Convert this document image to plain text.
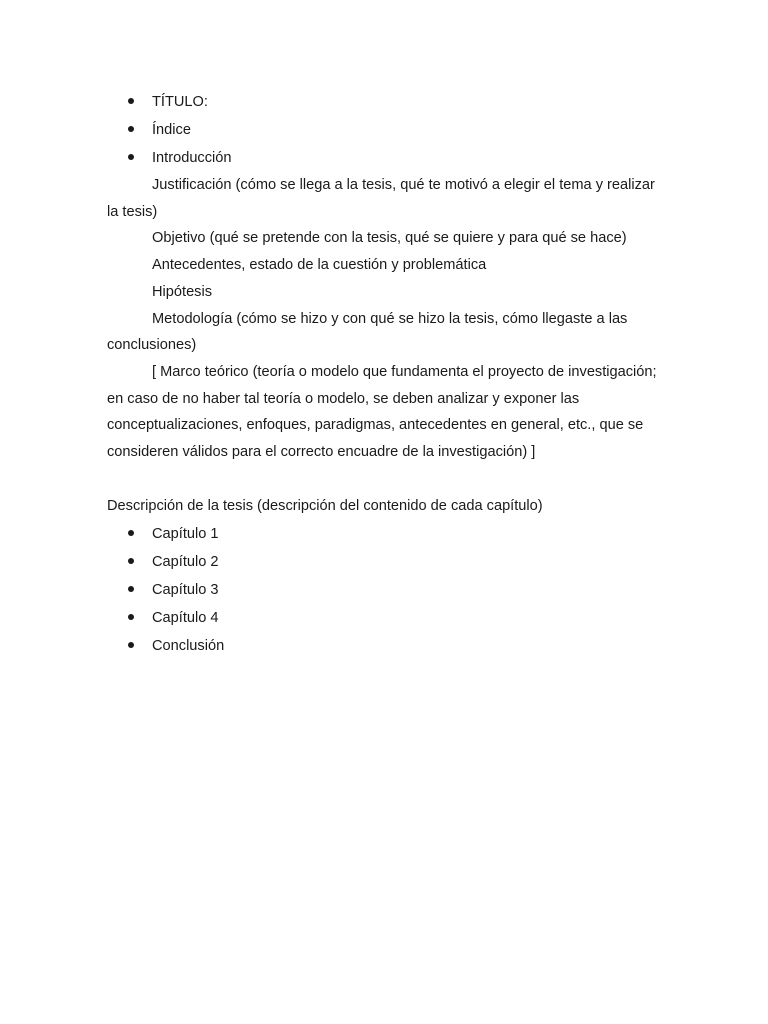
TÍTULO:
Índice
Introducción

Justificación (cómo se llega a la tesis, qué te motivó a elegir el tema y realizar la tesis)

Objetivo (qué se pretende con la tesis, qué se quiere y para qué se hace)

Antecedentes, estado de la cuestión y problemática

Hipótesis

Metodología (cómo se hizo y con qué se hizo la tesis, cómo llegaste a las conclusiones)

[ Marco teórico (teoría o modelo que fundamenta el proyecto de investigación; en caso de no haber tal teoría o modelo, se deben analizar y exponer las conceptualizaciones, enfoques, paradigmas, antecedentes en general, etc., que se consideren válidos para el correcto encuadre de la investigación) ]

Descripción de la tesis (descripción del contenido de cada capítulo)

Capítulo 1
Capítulo 2
Capítulo 3
Capítulo 4
Conclusión
